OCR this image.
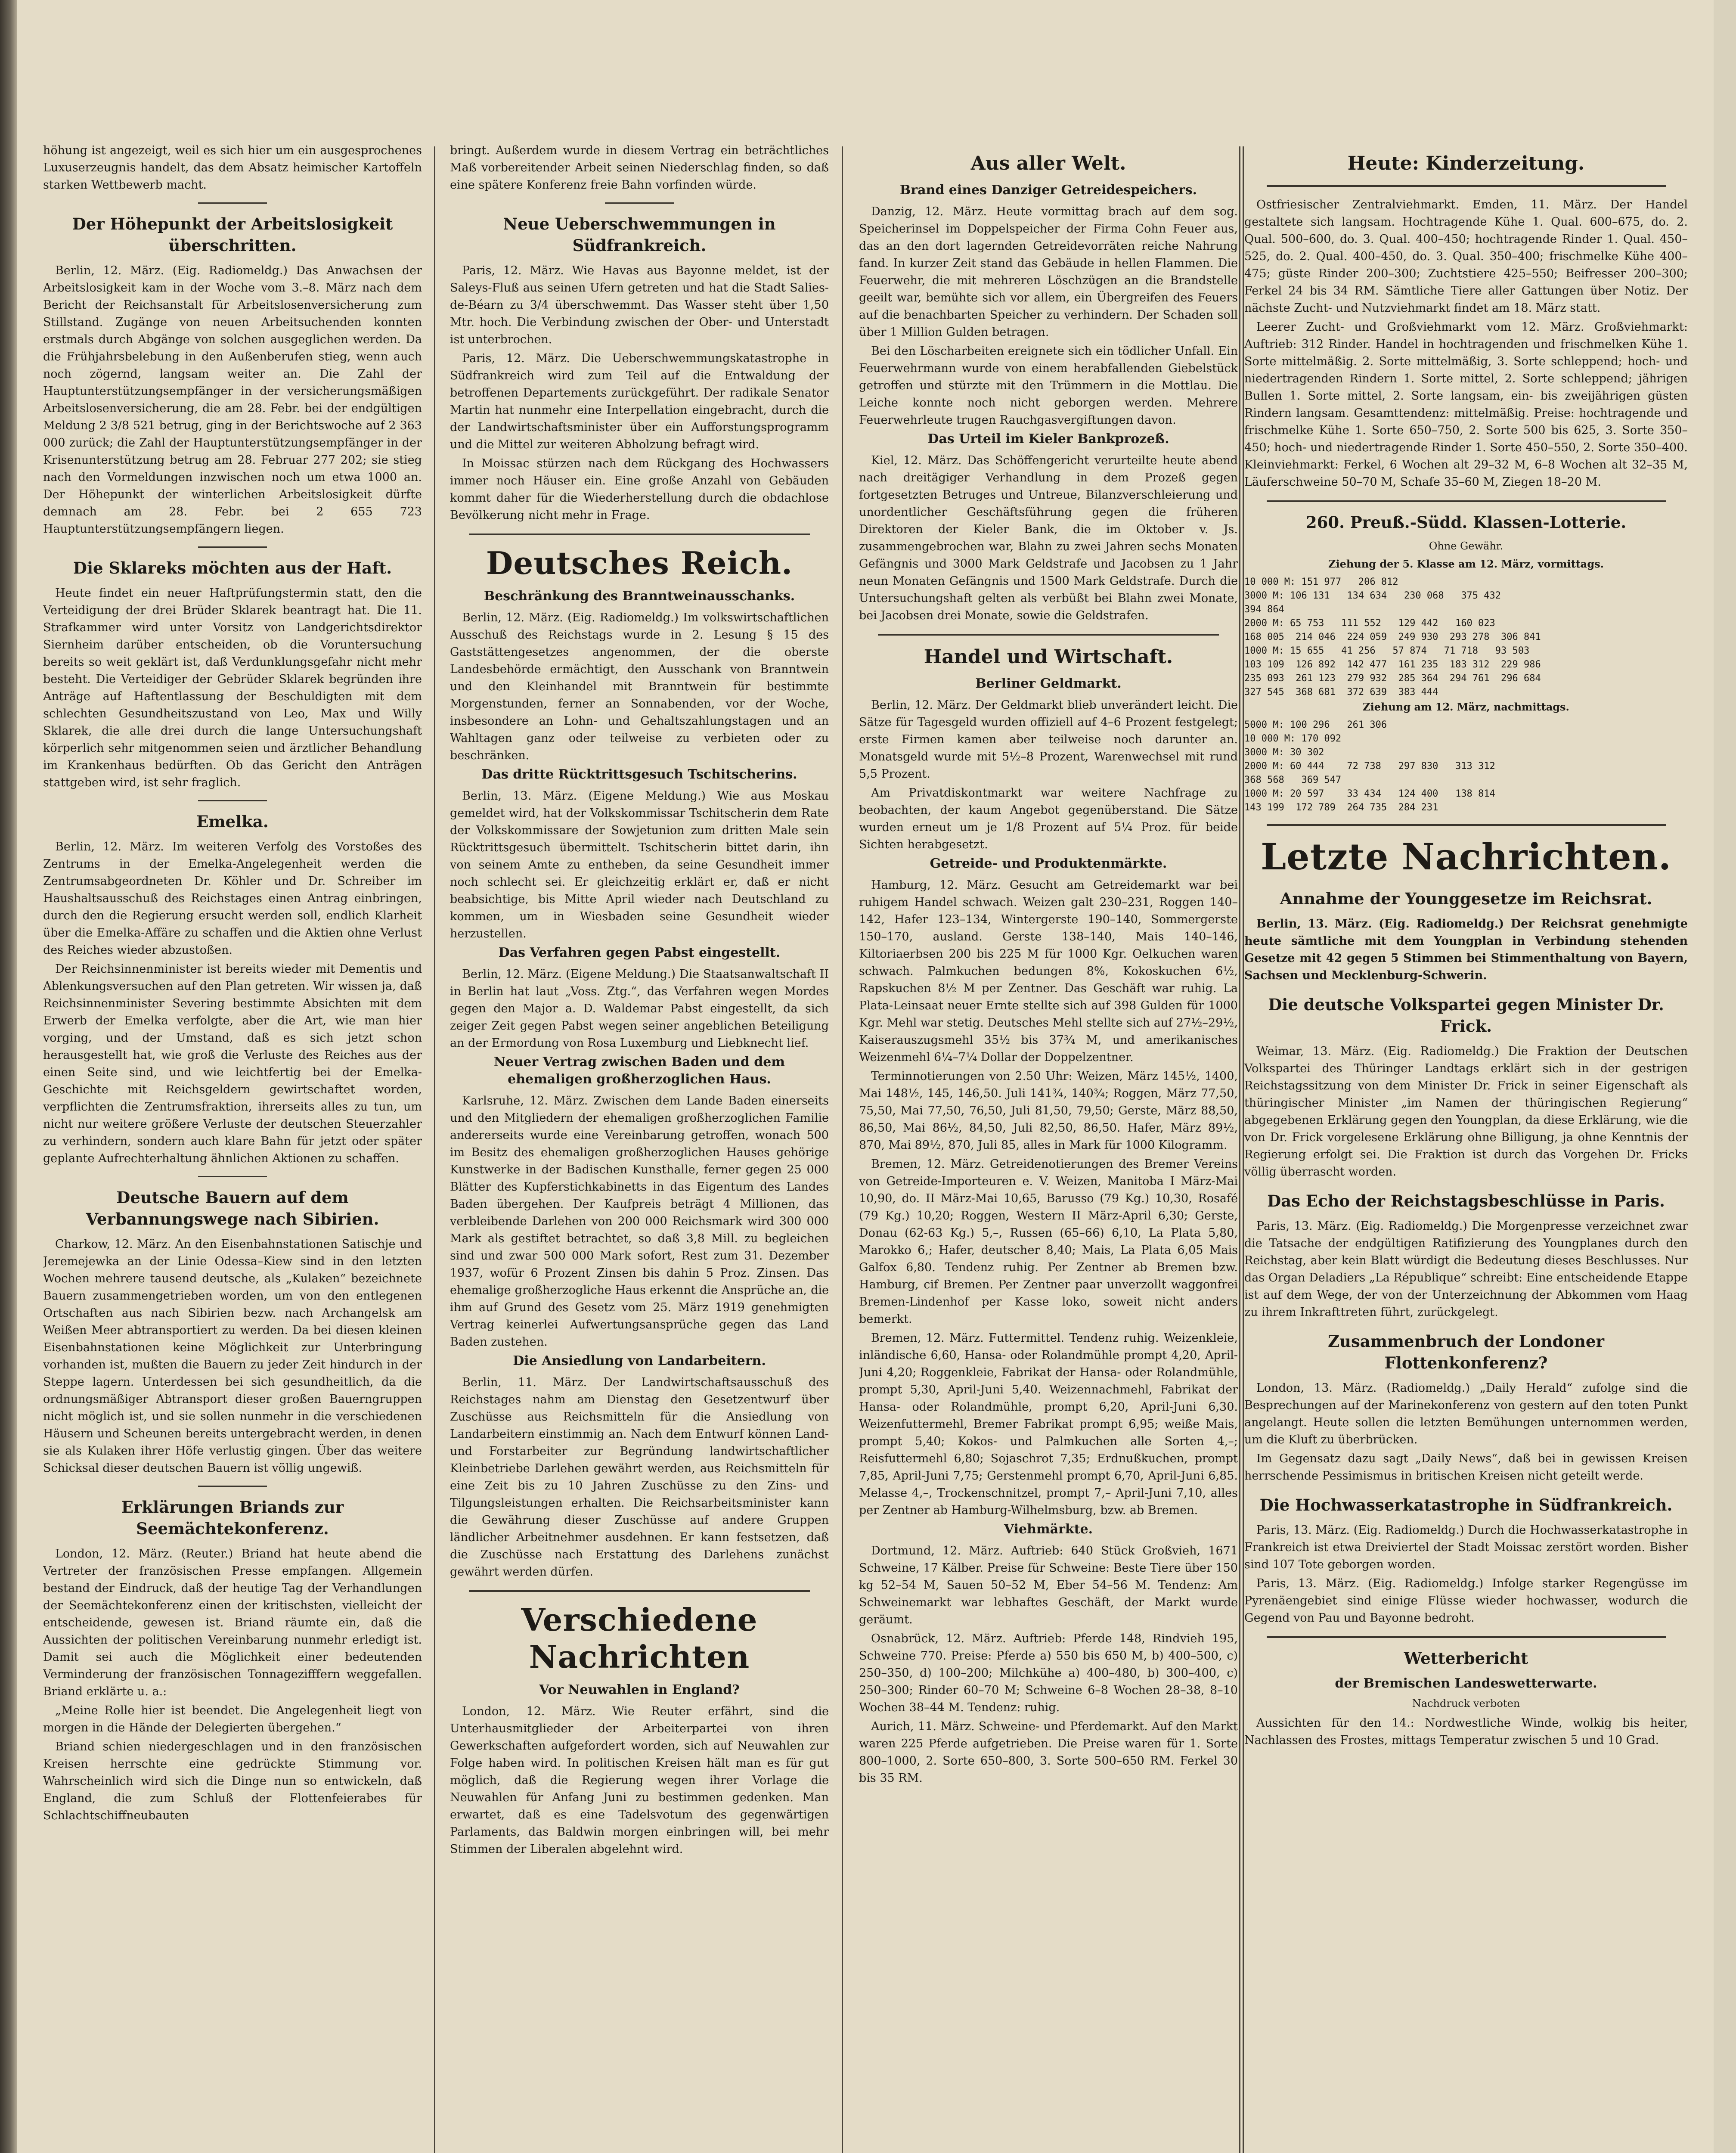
höhung ist angezeigt, weil es sich hier um ein ausgesprochenes Luxuserzeugnis handelt, das dem Absatz heimischer Kartoffeln starken Wettbewerb macht.

Der Höhepunkt der Arbeitslosigkeit überschritten.

Berlin, 12. März. (Eig. Radiomeldg.) Das Anwachsen der Arbeitslosigkeit kam in der Woche vom 3.–8. März nach dem Bericht der Reichsanstalt für Arbeitslosenversicherung zum Stillstand. Zugänge von neuen Arbeitsuchenden konnten erstmals durch Abgänge von solchen ausgeglichen werden. Da die Frühjahrsbelebung in den Außenberufen stieg, wenn auch noch zögernd, langsam weiter an. Die Zahl der Hauptunterstützungsempfänger in der versicherungsmäßigen Arbeitslosenversicherung, die am 28. Febr. bei der endgültigen Meldung 2 3/8 521 betrug, ging in der Berichtswoche auf 2 363 000 zurück; die Zahl der Hauptunterstützungsempfänger in der Krisenunterstützung betrug am 28. Februar 277 202; sie stieg nach den Vormeldungen inzwischen noch um etwa 1000 an. Der Höhepunkt der winterlichen Arbeitslosigkeit dürfte demnach am 28. Febr. bei 2 655 723 Hauptunterstützungsempfängern liegen.

Die Sklareks möchten aus der Haft.

Heute findet ein neuer Haftprüfungstermin statt, den die Verteidigung der drei Brüder Sklarek beantragt hat. Die 11. Strafkammer wird unter Vorsitz von Landgerichtsdirektor Siernheim darüber entscheiden, ob die Voruntersuchung bereits so weit geklärt ist, daß Verdunklungsgefahr nicht mehr besteht. Die Verteidiger der Gebrüder Sklarek begründen ihre Anträge auf Haftentlassung der Beschuldigten mit dem schlechten Gesundheitszustand von Leo, Max und Willy Sklarek, die alle drei durch die lange Untersuchungshaft körperlich sehr mitgenommen seien und ärztlicher Behandlung im Krankenhaus bedürften. Ob das Gericht den Anträgen stattgeben wird, ist sehr fraglich.

Emelka.

Berlin, 12. März. Im weiteren Verfolg des Vorstoßes des Zentrums in der Emelka-Angelegenheit werden die Zentrumsabgeordneten Dr. Köhler und Dr. Schreiber im Haushaltsausschuß des Reichstages einen Antrag einbringen, durch den die Regierung ersucht werden soll, endlich Klarheit über die Emelka-Affäre zu schaffen und die Aktien ohne Verlust des Reiches wieder abzustoßen.

Der Reichsinnenminister ist bereits wieder mit Dementis und Ablenkungsversuchen auf den Plan getreten. Wir wissen ja, daß Reichsinnenminister Severing bestimmte Absichten mit dem Erwerb der Emelka verfolgte, aber die Art, wie man hier vorging, und der Umstand, daß es sich jetzt schon herausgestellt hat, wie groß die Verluste des Reiches aus der einen Seite sind, und wie leichtfertig bei der Emelka-Geschichte mit Reichsgeldern gewirtschaftet worden, verpflichten die Zentrumsfraktion, ihrerseits alles zu tun, um nicht nur weitere größere Verluste der deutschen Steuerzahler zu verhindern, sondern auch klare Bahn für jetzt oder später geplante Aufrechterhaltung ähnlichen Aktionen zu schaffen.

Deutsche Bauern auf dem Verbannungswege nach Sibirien.

Charkow, 12. März. An den Eisenbahnstationen Satischje und Jeremejewka an der Linie Odessa–Kiew sind in den letzten Wochen mehrere tausend deutsche, als „Kulaken“ bezeichnete Bauern zusammengetrieben worden, um von den entlegenen Ortschaften aus nach Sibirien bezw. nach Archangelsk am Weißen Meer abtransportiert zu werden. Da bei diesen kleinen Eisenbahnstationen keine Möglichkeit zur Unterbringung vorhanden ist, mußten die Bauern zu jeder Zeit hindurch in der Steppe lagern. Unterdessen bei sich gesundheitlich, da die ordnungsmäßiger Abtransport dieser großen Bauerngruppen nicht möglich ist, und sie sollen nunmehr in die verschiedenen Häusern und Scheunen bereits untergebracht werden, in denen sie als Kulaken ihrer Höfe verlustig gingen. Über das weitere Schicksal dieser deutschen Bauern ist völlig ungewiß.

Erklärungen Briands zur Seemächtekonferenz.

London, 12. März. (Reuter.) Briand hat heute abend die Vertreter der französischen Presse empfangen. Allgemein bestand der Eindruck, daß der heutige Tag der Verhandlungen der Seemächtekonferenz einen der kritischsten, vielleicht der entscheidende, gewesen ist. Briand räumte ein, daß die Aussichten der politischen Vereinbarung nunmehr erledigt ist. Damit sei auch die Möglichkeit einer bedeutenden Verminderung der französischen Tonnagezifffern weggefallen. Briand erklärte u. a.:

„Meine Rolle hier ist beendet. Die Angelegenheit liegt von morgen in die Hände der Delegierten übergehen.“

Briand schien niedergeschlagen und in den französischen Kreisen herrschte eine gedrückte Stimmung vor. Wahrscheinlich wird sich die Dinge nun so entwickeln, daß England, die zum Schluß der Flottenfeierabes für Schlachtschiffneubauten

bringt. Außerdem wurde in diesem Vertrag ein beträchtliches Maß vorbereitender Arbeit seinen Niederschlag finden, so daß eine spätere Konferenz freie Bahn vorfinden würde.

Neue Ueberschwemmungen in Südfrankreich.

Paris, 12. März. Wie Havas aus Bayonne meldet, ist der Saleys-Fluß aus seinen Ufern getreten und hat die Stadt Salies-de-Béarn zu 3/4 überschwemmt. Das Wasser steht über 1,50 Mtr. hoch. Die Verbindung zwischen der Ober- und Unterstadt ist unterbrochen.

Paris, 12. März. Die Ueberschwemmungskatastrophe in Südfrankreich wird zum Teil auf die Entwaldung der betroffenen Departements zurückgeführt. Der radikale Senator Martin hat nunmehr eine Interpellation eingebracht, durch die der Landwirtschaftsminister über ein Aufforstungsprogramm und die Mittel zur weiteren Abholzung befragt wird.

In Moissac stürzen nach dem Rückgang des Hochwassers immer noch Häuser ein. Eine große Anzahl von Gebäuden kommt daher für die Wiederherstellung durch die obdachlose Bevölkerung nicht mehr in Frage.

Deutsches Reich.
Beschränkung des Branntweinausschanks.

Berlin, 12. März. (Eig. Radiomeldg.) Im volkswirtschaftlichen Ausschuß des Reichstags wurde in 2. Lesung § 15 des Gaststättengesetzes angenommen, der die oberste Landesbehörde ermächtigt, den Ausschank von Branntwein und den Kleinhandel mit Branntwein für bestimmte Morgenstunden, ferner an Sonnabenden, vor der Woche, insbesondere an Lohn- und Gehaltszahlungstagen und an Wahltagen ganz oder teilweise zu verbieten oder zu beschränken.

Das dritte Rücktrittsgesuch Tschitscherins.

Berlin, 13. März. (Eigene Meldung.) Wie aus Moskau gemeldet wird, hat der Volkskommissar Tschitscherin dem Rate der Volkskommissare der Sowjetunion zum dritten Male sein Rücktrittsgesuch übermittelt. Tschitscherin bittet darin, ihn von seinem Amte zu entheben, da seine Gesundheit immer noch schlecht sei. Er gleichzeitig erklärt er, daß er nicht beabsichtige, bis Mitte April wieder nach Deutschland zu kommen, um in Wiesbaden seine Gesundheit wieder herzustellen.

Das Verfahren gegen Pabst eingestellt.

Berlin, 12. März. (Eigene Meldung.) Die Staatsanwaltschaft II in Berlin hat laut „Voss. Ztg.“, das Verfahren wegen Mordes gegen den Major a. D. Waldemar Pabst eingestellt, da sich zeiger Zeit gegen Pabst wegen seiner angeblichen Beteiligung an der Ermordung von Rosa Luxemburg und Liebknecht lief.

Neuer Vertrag zwischen Baden und dem ehemaligen großherzoglichen Haus.

Karlsruhe, 12. März. Zwischen dem Lande Baden einerseits und den Mitgliedern der ehemaligen großherzoglichen Familie andererseits wurde eine Vereinbarung getroffen, wonach 500 im Besitz des ehemaligen großherzoglichen Hauses gehörige Kunstwerke in der Badischen Kunsthalle, ferner gegen 25 000 Blätter des Kupferstichkabinetts in das Eigentum des Landes Baden übergehen. Der Kaufpreis beträgt 4 Millionen, das verbleibende Darlehen von 200 000 Reichsmark wird 300 000 Mark als gestiftet betrachtet, so daß 3,8 Mill. zu begleichen sind und zwar 500 000 Mark sofort, Rest zum 31. Dezember 1937, wofür 6 Prozent Zinsen bis dahin 5 Proz. Zinsen. Das ehemalige großherzogliche Haus erkennt die Ansprüche an, die ihm auf Grund des Gesetz vom 25. März 1919 genehmigten Vertrag keinerlei Aufwertungsansprüche gegen das Land Baden zustehen.

Die Ansiedlung von Landarbeitern.

Berlin, 11. März. Der Landwirtschaftsausschuß des Reichstages nahm am Dienstag den Gesetzentwurf über Zuschüsse aus Reichsmitteln für die Ansiedlung von Landarbeitern einstimmig an. Nach dem Entwurf können Land- und Forstarbeiter zur Begründung landwirtschaftlicher Kleinbetriebe Darlehen gewährt werden, aus Reichsmitteln für eine Zeit bis zu 10 Jahren Zuschüsse zu den Zins- und Tilgungsleistungen erhalten. Die Reichsarbeitsminister kann die Gewährung dieser Zuschüsse auf andere Gruppen ländlicher Arbeitnehmer ausdehnen. Er kann festsetzen, daß die Zuschüsse nach Erstattung des Darlehens zunächst gewährt werden dürfen.

Verschiedene Nachrichten
Vor Neuwahlen in England?

London, 12. März. Wie Reuter erfährt, sind die Unterhausmitglieder der Arbeiterpartei von ihren Gewerkschaften aufgefordert worden, sich auf Neuwahlen zur Folge haben wird. In politischen Kreisen hält man es für gut möglich, daß die Regierung wegen ihrer Vorlage die Neuwahlen für Anfang Juni zu bestimmen gedenken. Man erwartet, daß es eine Tadelsvotum des gegenwärtigen Parlaments, das Baldwin morgen einbringen will, bei mehr Stimmen der Liberalen abgelehnt wird.

Aus aller Welt.
Brand eines Danziger Getreidespeichers.

Danzig, 12. März. Heute vormittag brach auf dem sog. Speicherinsel im Doppelspeicher der Firma Cohn Feuer aus, das an den dort lagernden Getreidevorräten reiche Nahrung fand. In kurzer Zeit stand das Gebäude in hellen Flammen. Die Feuerwehr, die mit mehreren Löschzügen an die Brandstelle geeilt war, bemühte sich vor allem, ein Übergreifen des Feuers auf die benachbarten Speicher zu verhindern. Der Schaden soll über 1 Million Gulden betragen.

Bei den Löscharbeiten ereignete sich ein tödlicher Unfall. Ein Feuerwehrmann wurde von einem herabfallenden Giebelstück getroffen und stürzte mit den Trümmern in die Mottlau. Die Leiche konnte noch nicht geborgen werden. Mehrere Feuerwehrleute trugen Rauchgasvergiftungen davon.

Das Urteil im Kieler Bankprozeß.

Kiel, 12. März. Das Schöffengericht verurteilte heute abend nach dreitägiger Verhandlung in dem Prozeß gegen fortgesetzten Betruges und Untreue, Bilanzverschleierung und unordentlicher Geschäftsführung gegen die früheren Direktoren der Kieler Bank, die im Oktober v. Js. zusammengebrochen war, Blahn zu zwei Jahren sechs Monaten Gefängnis und 3000 Mark Geldstrafe und Jacobsen zu 1 Jahr neun Monaten Gefängnis und 1500 Mark Geldstrafe. Durch die Untersuchungshaft gelten als verbüßt bei Blahn zwei Monate, bei Jacobsen drei Monate, sowie die Geldstrafen.

Handel und Wirtschaft.
Berliner Geldmarkt.

Berlin, 12. März. Der Geldmarkt blieb unverändert leicht. Die Sätze für Tagesgeld wurden offiziell auf 4–6 Prozent festgelegt; erste Firmen kamen aber teilweise noch darunter an. Monatsgeld wurde mit 5½–8 Prozent, Warenwechsel mit rund 5,5 Prozent.

Am Privatdiskontmarkt war weitere Nachfrage zu beobachten, der kaum Angebot gegenüberstand. Die Sätze wurden erneut um je 1/8 Prozent auf 5¼ Proz. für beide Sichten herabgesetzt.

Getreide- und Produktenmärkte.

Hamburg, 12. März. Gesucht am Getreidemarkt war bei ruhigem Handel schwach. Weizen galt 230–231, Roggen 140–142, Hafer 123–134, Wintergerste 190–140, Sommergerste 150–170, ausland. Gerste 138–140, Mais 140–146, Kiltoriaerbsen 200 bis 225 M für 1000 Kgr. Oelkuchen waren schwach. Palmkuchen bedungen 8%, Kokoskuchen 6½, Rapskuchen 8½ M per Zentner. Das Geschäft war ruhig. La Plata-Leinsaat neuer Ernte stellte sich auf 398 Gulden für 1000 Kgr. Mehl war stetig. Deutsches Mehl stellte sich auf 27½–29½, Kaiserauszugsmehl 35½ bis 37¾ M, und amerikanisches Weizenmehl 6¼–7¼ Dollar der Doppelzentner.

Terminnotierungen von 2.50 Uhr: Weizen, März 145½, 1400, Mai 148½, 145, 146,50. Juli 141¾, 140¾; Roggen, März 77,50, 75,50, Mai 77,50, 76,50, Juli 81,50, 79,50; Gerste, März 88,50, 86,50, Mai 86½, 84,50, Juli 82,50, 86,50. Hafer, März 89½, 870, Mai 89½, 870, Juli 85, alles in Mark für 1000 Kilogramm.

Bremen, 12. März. Getreidenotierungen des Bremer Vereins von Getreide-Importeuren e. V. Weizen, Manitoba I März-Mai 10,90, do. II März-Mai 10,65, Barusso (79 Kg.) 10,30, Rosafé (79 Kg.) 10,20; Roggen, Western II März-April 6,30; Gerste, Donau (62-63 Kg.) 5,–, Russen (65–66) 6,10, La Plata 5,80, Marokko 6,; Hafer, deutscher 8,40; Mais, La Plata 6,05 Mais Galfox 6,80. Tendenz ruhig. Per Zentner ab Bremen bzw. Hamburg, cif Bremen. Per Zentner paar unverzollt waggonfrei Bremen-Lindenhof per Kasse loko, soweit nicht anders bemerkt.

Bremen, 12. März. Futtermittel. Tendenz ruhig. Weizenkleie, inländische 6,60, Hansa- oder Rolandmühle prompt 4,20, April-Juni 4,20; Roggenkleie, Fabrikat der Hansa- oder Rolandmühle, prompt 5,30, April-Juni 5,40. Weizennachmehl, Fabrikat der Hansa- oder Rolandmühle, prompt 6,20, April-Juni 6,30. Weizenfuttermehl, Bremer Fabrikat prompt 6,95; weiße Mais, prompt 5,40; Kokos- und Palmkuchen alle Sorten 4,–; Reisfuttermehl 6,80; Sojaschrot 7,35; Erdnußkuchen, prompt 7,85, April-Juni 7,75; Gerstenmehl prompt 6,70, April-Juni 6,85. Melasse 4,–, Trockenschnitzel, prompt 7,– April-Juni 7,10, alles per Zentner ab Hamburg-Wilhelmsburg, bzw. ab Bremen.

Viehmärkte.

Dortmund, 12. März. Auftrieb: 640 Stück Großvieh, 1671 Schweine, 17 Kälber. Preise für Schweine: Beste Tiere über 150 kg 52–54 M, Sauen 50–52 M, Eber 54–56 M. Tendenz: Am Schweinemarkt war lebhaftes Geschäft, der Markt wurde geräumt.

Osnabrück, 12. März. Auftrieb: Pferde 148, Rindvieh 195, Schweine 770. Preise: Pferde a) 550 bis 650 M, b) 400–500, c) 250–350, d) 100–200; Milchkühe a) 400–480, b) 300–400, c) 250–300; Rinder 60–70 M; Schweine 6–8 Wochen 28–38, 8–10 Wochen 38–44 M. Tendenz: ruhig.

Aurich, 11. März. Schweine- und Pferdemarkt. Auf den Markt waren 225 Pferde aufgetrieben. Die Preise waren für 1. Sorte 800–1000, 2. Sorte 650–800, 3. Sorte 500–650 RM. Ferkel 30 bis 35 RM.

Heute: Kinderzeitung.

Ostfriesischer Zentralviehmarkt. Emden, 11. März. Der Handel gestaltete sich langsam. Hochtragende Kühe 1. Qual. 600–675, do. 2. Qual. 500–600, do. 3. Qual. 400–450; hochtragende Rinder 1. Qual. 450–525, do. 2. Qual. 400–450, do. 3. Qual. 350–400; frischmelke Kühe 400–475; güste Rinder 200–300; Zuchtstiere 425–550; Beifresser 200–300; Ferkel 24 bis 34 RM. Sämtliche Tiere aller Gattungen über Notiz. Der nächste Zucht- und Nutzviehmarkt findet am 18. März statt.

Leerer Zucht- und Großviehmarkt vom 12. März. Großviehmarkt: Auftrieb: 312 Rinder. Handel in hochtragenden und frischmelken Kühe 1. Sorte mittelmäßig. 2. Sorte mittelmäßig, 3. Sorte schleppend; hoch- und niedertragenden Rindern 1. Sorte mittel, 2. Sorte schleppend; jährigen Bullen 1. Sorte mittel, 2. Sorte langsam, ein- bis zweijährigen güsten Rindern langsam. Gesamttendenz: mittelmäßig. Preise: hochtragende und frischmelke Kühe 1. Sorte 650–750, 2. Sorte 500 bis 625, 3. Sorte 350–450; hoch- und niedertragende Rinder 1. Sorte 450–550, 2. Sorte 350–400. Kleinviehmarkt: Ferkel, 6 Wochen alt 29–32 M, 6–8 Wochen alt 32–35 M, Läuferschweine 50–70 M, Schafe 35–60 M, Ziegen 18–20 M.

260. Preuß.-Südd. Klassen-Lotterie.
Ohne Gewähr.
Ziehung der 5. Klasse am 12. März, vormittags.
10 000 M: 151 977   206 812
3000 M: 106 131   134 634   230 068   375 432
394 864
2000 M: 65 753   111 552   129 442   160 023
168 005  214 046  224 059  249 930  293 278  306 841
1000 M: 15 655   41 256   57 874   71 718   93 503
103 109  126 892  142 477  161 235  183 312  229 986
235 093  261 123  279 932  285 364  294 761  296 684
327 545  368 681  372 639  383 444
Ziehung am 12. März, nachmittags.
5000 M: 100 296   261 306
10 000 M: 170 092
3000 M: 30 302
2000 M: 60 444    72 738   297 830   313 312
368 568   369 547
1000 M: 20 597    33 434   124 400   138 814
143 199  172 789  264 735  284 231
Letzte Nachrichten.
Annahme der Younggesetze im Reichsrat.

Berlin, 13. März. (Eig. Radiomeldg.) Der Reichsrat genehmigte heute sämtliche mit dem Youngplan in Verbindung stehenden Gesetze mit 42 gegen 5 Stimmen bei Stimmenthaltung von Bayern, Sachsen und Mecklenburg-Schwerin.

Die deutsche Volkspartei gegen Minister Dr. Frick.

Weimar, 13. März. (Eig. Radiomeldg.) Die Fraktion der Deutschen Volkspartei des Thüringer Landtags erklärt sich in der gestrigen Reichstagssitzung von dem Minister Dr. Frick in seiner Eigenschaft als thüringischer Minister „im Namen der thüringischen Regierung“ abgegebenen Erklärung gegen den Youngplan, da diese Erklärung, wie die von Dr. Frick vorgelesene Erklärung ohne Billigung, ja ohne Kenntnis der Regierung erfolgt sei. Die Fraktion ist durch das Vorgehen Dr. Fricks völlig überrascht worden.

Das Echo der Reichstagsbeschlüsse in Paris.

Paris, 13. März. (Eig. Radiomeldg.) Die Morgenpresse verzeichnet zwar die Tatsache der endgültigen Ratifizierung des Youngplanes durch den Reichstag, aber kein Blatt würdigt die Bedeutung dieses Beschlusses. Nur das Organ Deladiers „La République“ schreibt: Eine entscheidende Etappe ist auf dem Wege, der von der Unterzeichnung der Abkommen vom Haag zu ihrem Inkrafttreten führt, zurückgelegt.

Zusammenbruch der Londoner Flottenkonferenz?

London, 13. März. (Radiomeldg.) „Daily Herald“ zufolge sind die Besprechungen auf der Marinekonferenz von gestern auf den toten Punkt angelangt. Heute sollen die letzten Bemühungen unternommen werden, um die Kluft zu überbrücken.

Im Gegensatz dazu sagt „Daily News“, daß bei in gewissen Kreisen herrschende Pessimismus in britischen Kreisen nicht geteilt werde.

Die Hochwasserkatastrophe in Südfrankreich.

Paris, 13. März. (Eig. Radiomeldg.) Durch die Hochwasserkatastrophe in Frankreich ist etwa Dreiviertel der Stadt Moissac zerstört worden. Bisher sind 107 Tote geborgen worden.

Paris, 13. März. (Eig. Radiomeldg.) Infolge starker Regengüsse im Pyrenäengebiet sind einige Flüsse wieder hochwasser, wodurch die Gegend von Pau und Bayonne bedroht.

Wetterbericht
der Bremischen Landeswetterwarte.
Nachdruck verboten

Aussichten für den 14.: Nordwestliche Winde, wolkig bis heiter, Nachlassen des Frostes, mittags Temperatur zwischen 5 und 10 Grad.
